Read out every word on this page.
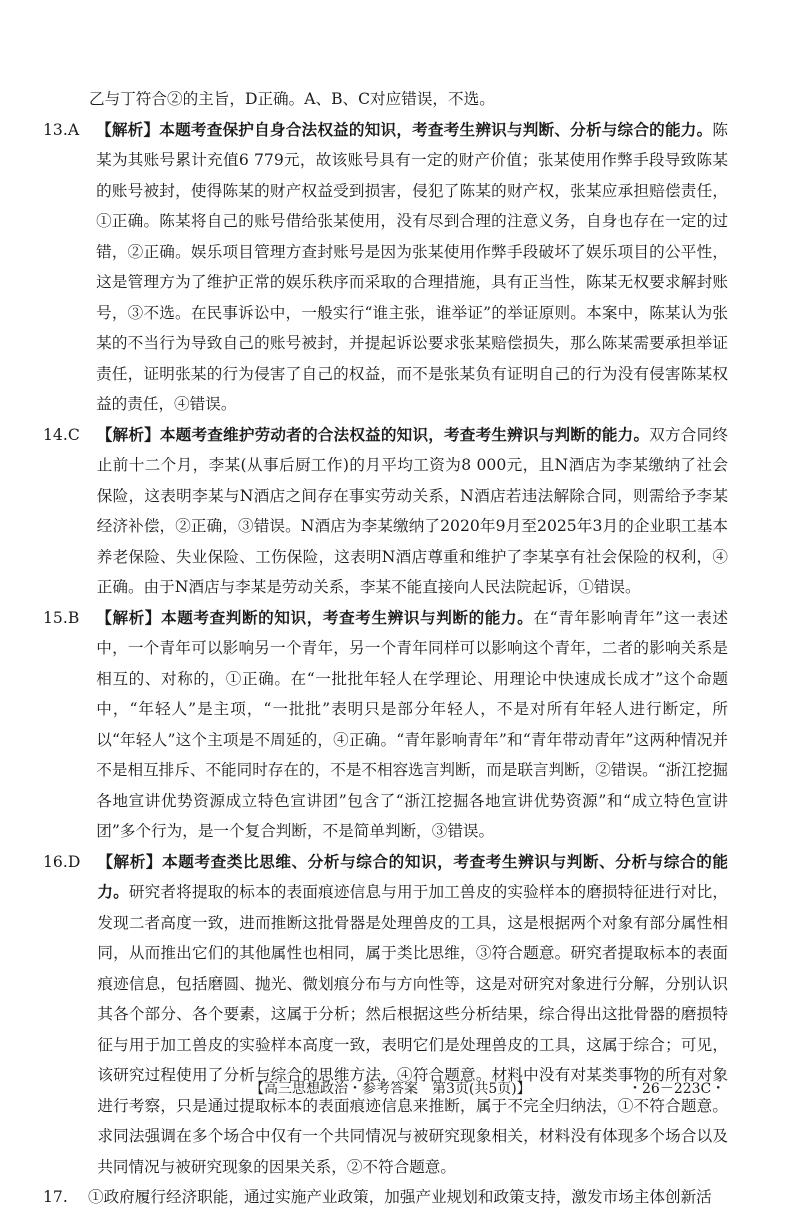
乙与丁符合②的主旨，D正确。A、B、C对应错误，不选。

13.A	【解析】本题考查保护自身合法权益的知识，考查考生辨识与判断、分析与综合的能力。陈某为其账号累计充值6 779元，故该账号具有一定的财产价值；张某使用作弊手段导致陈某的账号被封，使得陈某的财产权益受到损害，侵犯了陈某的财产权，张某应承担赔偿责任，①正确。陈某将自己的账号借给张某使用，没有尽到合理的注意义务，自身也存在一定的过错，②正确。娱乐项目管理方查封账号是因为张某使用作弊手段破坏了娱乐项目的公平性，这是管理方为了维护正常的娱乐秩序而采取的合理措施，具有正当性，陈某无权要求解封账号，③不选。在民事诉讼中，一般实行“谁主张，谁举证”的举证原则。本案中，陈某认为张某的不当行为导致自己的账号被封，并提起诉讼要求张某赔偿损失，那么陈某需要承担举证责任，证明张某的行为侵害了自己的权益，而不是张某负有证明自己的行为没有侵害陈某权益的责任，④错误。

14.C	【解析】本题考查维护劳动者的合法权益的知识，考查考生辨识与判断的能力。双方合同终止前十二个月，李某(从事后厨工作)的月平均工资为8 000元，且N酒店为李某缴纳了社会保险，这表明李某与N酒店之间存在事实劳动关系，N酒店若违法解除合同，则需给予李某经济补偿，②正确，③错误。N酒店为李某缴纳了2020年9月至2025年3月的企业职工基本养老保险、失业保险、工伤保险，这表明N酒店尊重和维护了李某享有社会保险的权利，④正确。由于N酒店与李某是劳动关系，李某不能直接向人民法院起诉，①错误。

15.B	【解析】本题考查判断的知识，考查考生辨识与判断的能力。在“青年影响青年”这一表述中，一个青年可以影响另一个青年，另一个青年同样可以影响这个青年，二者的影响关系是相互的、对称的，①正确。在“一批批年轻人在学理论、用理论中快速成长成才”这个命题中，“年轻人”是主项，“一批批”表明只是部分年轻人，不是对所有年轻人进行断定，所以“年轻人”这个主项是不周延的，④正确。“青年影响青年”和“青年带动青年”这两种情况并不是相互排斥、不能同时存在的，不是不相容选言判断，而是联言判断，②错误。“浙江挖掘各地宣讲优势资源成立特色宣讲团”包含了“浙江挖掘各地宣讲优势资源”和“成立特色宣讲团”多个行为，是一个复合判断，不是简单判断，③错误。

16.D	【解析】本题考查类比思维、分析与综合的知识，考查考生辨识与判断、分析与综合的能力。研究者将提取的标本的表面痕迹信息与用于加工兽皮的实验样本的磨损特征进行对比，发现二者高度一致，进而推断这批骨器是处理兽皮的工具，这是根据两个对象有部分属性相同，从而推出它们的其他属性也相同，属于类比思维，③符合题意。研究者提取标本的表面痕迹信息，包括磨圆、抛光、微划痕分布与方向性等，这是对研究对象进行分解，分别认识其各个部分、各个要素，这属于分析；然后根据这些分析结果，综合得出这批骨器的磨损特征与用于加工兽皮的实验样本高度一致，表明它们是处理兽皮的工具，这属于综合；可见，该研究过程使用了分析与综合的思维方法，④符合题意。材料中没有对某类事物的所有对象进行考察，只是通过提取标本的表面痕迹信息来推断，属于不完全归纳法，①不符合题意。求同法强调在多个场合中仅有一个共同情况与被研究现象相关，材料没有体现多个场合以及共同情况与被研究现象的因果关系，②不符合题意。

17.	①政府履行经济职能，通过实施产业政策，加强产业规划和政策支持，激发市场主体创新活

【高三思想政治・参考答案　第3页(共5页)】	・26－223C・
